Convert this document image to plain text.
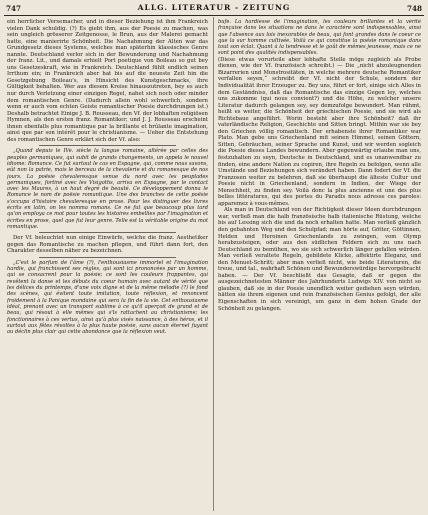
747	ALLG. LITERATUR - ZEITUNG	748

ein herrlicher Versemacher, und in dieser Beziehung ist ihm Frankreich vielen Dank schuldig. (?) Es giebt ihm, aus der Poesie zu machen, was sein ungleich grösserer Zeitgenosse, le Brun, aus der Malerei gemacht hatte, eine manierirte Schönheit. Die Nachahmung der Alten war das Grundgesetz dieses Systems, welches man späterhin klassisches Genre nannte. Deutschland verlor sich in der Bewunderung und Nachahmung der franz. Lit., und damals erhielt Port poetique von Boileau so gut bey uns Gesetzeskraft, wie in Frankreich. Deutschland fühlt endlich seinen Irrthum ein; in Frankreich aber hat bis auf die neueste Zeit hin die Gesetzgebung Boileau's, in Hinsicht des Kunstgeschmacks, ihre Gültigkeit behalten. Wer aus diesem Kreise hinauszutreten, bey es auch nur durch Verletzung einer einzigen Regel, nahet sich noch oder minder dem romantischen Genre. (Dadurch allein wohl schwerlich, sondern wenn er auch vom echten Geiste romantischer Poesie durchdrungen ist.) Deshalb betrachtet Einige J. B. Rousseau, den Vf. der lobhaften religiösen Hymnen, als den ersten franz. Romantiker; und J. J. Rousseau erscheint ihnen ebenfalls plus romantique par la brillante et brûlante imagination, ainsi que par son intérêt pour le christianisme. — Ueber die Entstehung des romantischen Genre erklärt sich der Vf. also:

„Quand depuis le IVe. siècle la langue romaine, altérée par celles des peuples germaniques, qui subit de grands changements, un appela le nouvel idiome: Romance. Ce fut surtout le cas en Espagne, qui, comme nous savons, eût non la patrie, mais le berceau de la chevalerie et du romanesque de nos jours. La poësie chevaleresque venue du nord avec les peuplades germaniques, fortiné avec les Visigoths, arriva en Espagne, par le contact avec les Maures, à un haut degré de beauté. Ce développement donna le Romance le nom de poësie romantique. Une des branches de cette poësie s'occupa d'histoire chevaleresque en prose. Pour les distinguer des livres écrits en latin, on les nomma romans. Ce ne fut que beaucoup plus tard qu'on employa ce mot pour toutes les histoires embellies par l'imagination et écrites en prose, quel que fut leur genre. Telle est la véritable origine du mot romantique.

Der Vf. beleuchtet nun einige Einwürfe, welche die franz. Aesthetiker gegen das Romantische zu machen pflegen, und führt dann fort, den Charakter desselben näher zu bezeichnen.

„C'est le parfum de l'âme (?), l'enthousiasme immortel et l'imagination hardie, qui franchissent ses règles, qui sont ici prononcées par un homme, qui se consacrent pour la poésie; ce sont les couleurs frappantes, qui revêtent la danse et les débuts du coeur humain avec autant de vérité que les délices du printemps, d'une voix digne et de la même mélodie (?) le fond des scènes, qui évitent toute imitation, toute réflexion, et renoncent froidement à la Panique mondaine qui sera la fin de la vie. Cet enthousiasme idéal, prenant avec un transport sublime à ce qu'il aperçoit de grand et de beau, qui résout à elle mêmes qui s'ls rattachent au christianisme; les fonctionnaires à ces vertus, ainsi qu'à plus visés naissance, à des héros, et il surtout aux fêtes révoltes à la plus haute poésie, sans aucun éternel fuyant au déclin plus clair qui cette abondance que la réflexion veut.

bufe. La hardiesse de l'imagination, les couleurs brillantes et la vérité française dans les situations ne dans le caractère sont indispensables, ainsi que l'absence aux lois inexorables de beau, qui font grandes dans le coeur ce que la sur homme cultivée. Voilà ce qui constitue la poésie romanique dans tout son éclat. Quant à la tendresse et le goût de mêmes jeunesse, mais ce ne sont point des qualités indispensables.

(Diese etwas vorurteile aber lebhafte Stelle möge zugleich als Probe dienen, wie der Vf. französisch schreibt.) — Die „nicht abzuleugnenden Bizarrerien und Monstrositäten, in welche mehrere deutsche Romantiker verfallen seyen,“ schreibt der Vf. nicht der Schule, sondern der Individualität ihrer Erzeuger zu. Bey uns, führt er fort, einige sich Alles in dem Geständniss, daß das Romantische das einzige Gegen ley, welches uns zukomme (qui nous convient?) und die Höhe, zu welcher unsere Literatur dadurch gelangen sey, sey demzufolge bewundert. Man rühmt, heißt es weiter, die Schönheit der griechischen Poesie, und sie wird als Richtebaue angeführt. Worin besteht aber ihre Schönheit? daß ihr vaterländische Religion, Geschichte und Sitten bringt. Mithin war sie bey den Griechen völlig romantisch. Der erhabenste ihrer Romantiker war Plato. Man gebe uns Griechenland mit seinen Himmel, seinen Göttern, Sitten, Gebräuchen, seiner Sprache und Kunst, und wir werden sogleich die Poesie dieses Landes bewundern. Aber gegenwärtig erlaube man uns, festzuhalten zu seyn, Deutsche in Deutschland, und es unanwendbar zu finden, eine andere Nation zu copiren, ihre Regeln zu befolgen, wenn alle Umstände und Beziehungen sich verändert haben. Dann fodert der Vf. die Franzosen weiter zu belehren, daß sie überhaupt die älteste Cultur und Poesie nicht in Griechenland, sondern in Indien, der Wiege der Menschheit, zu finden sey. Voilà donc la plus ancienne et une des plus belles littératures, qui des portes du Paradis nous adresse ces paroles: apparemez à vous-mêmes.

Als man in Deutschland von der Richtigkeit dieser Ideen durchdrungen war, verließ man die halb französische halb italienische Rüstung, welche bis auf Lessing sich die und da noch erhalten hatte. Man verließ gänzlich den gebahnten Weg und den Schulpfad; man hörte auf, Götter, Göttinnen, Helden und Heroinen Griechenlands zu zwingen, vom Olymp herabzusteigen, oder aus den südlichen Feldern sich zu uns nach Deutschland zu bemühen, wo sie sich schwerlich länger gefallen würden. Man verließ veraltete Regeln, gebildete Klicke, affektirte Eleganz, und den Menuet-Schritt; aber man verließ nicht, wie beide Literaturen, die treue, und tal., wahrhaft Schönen und Bewunderswürdige hervorgebracht haben. — Der Vf. beschließt das Gesagte, daß er gegen die ausgezeichnetesten Männer des Jahrhunderts Ludwigs XIV. von nicht so glauben, daß sie in der Poesie unendlich weiter gediehen seyn würden, hätten sie ihrem eigenen und rein französischen Genius gefolgt, der alle Eigenschaften in sich vereinigt, um ganz in dem hohen Grade der Schönheit zu gelangen.
